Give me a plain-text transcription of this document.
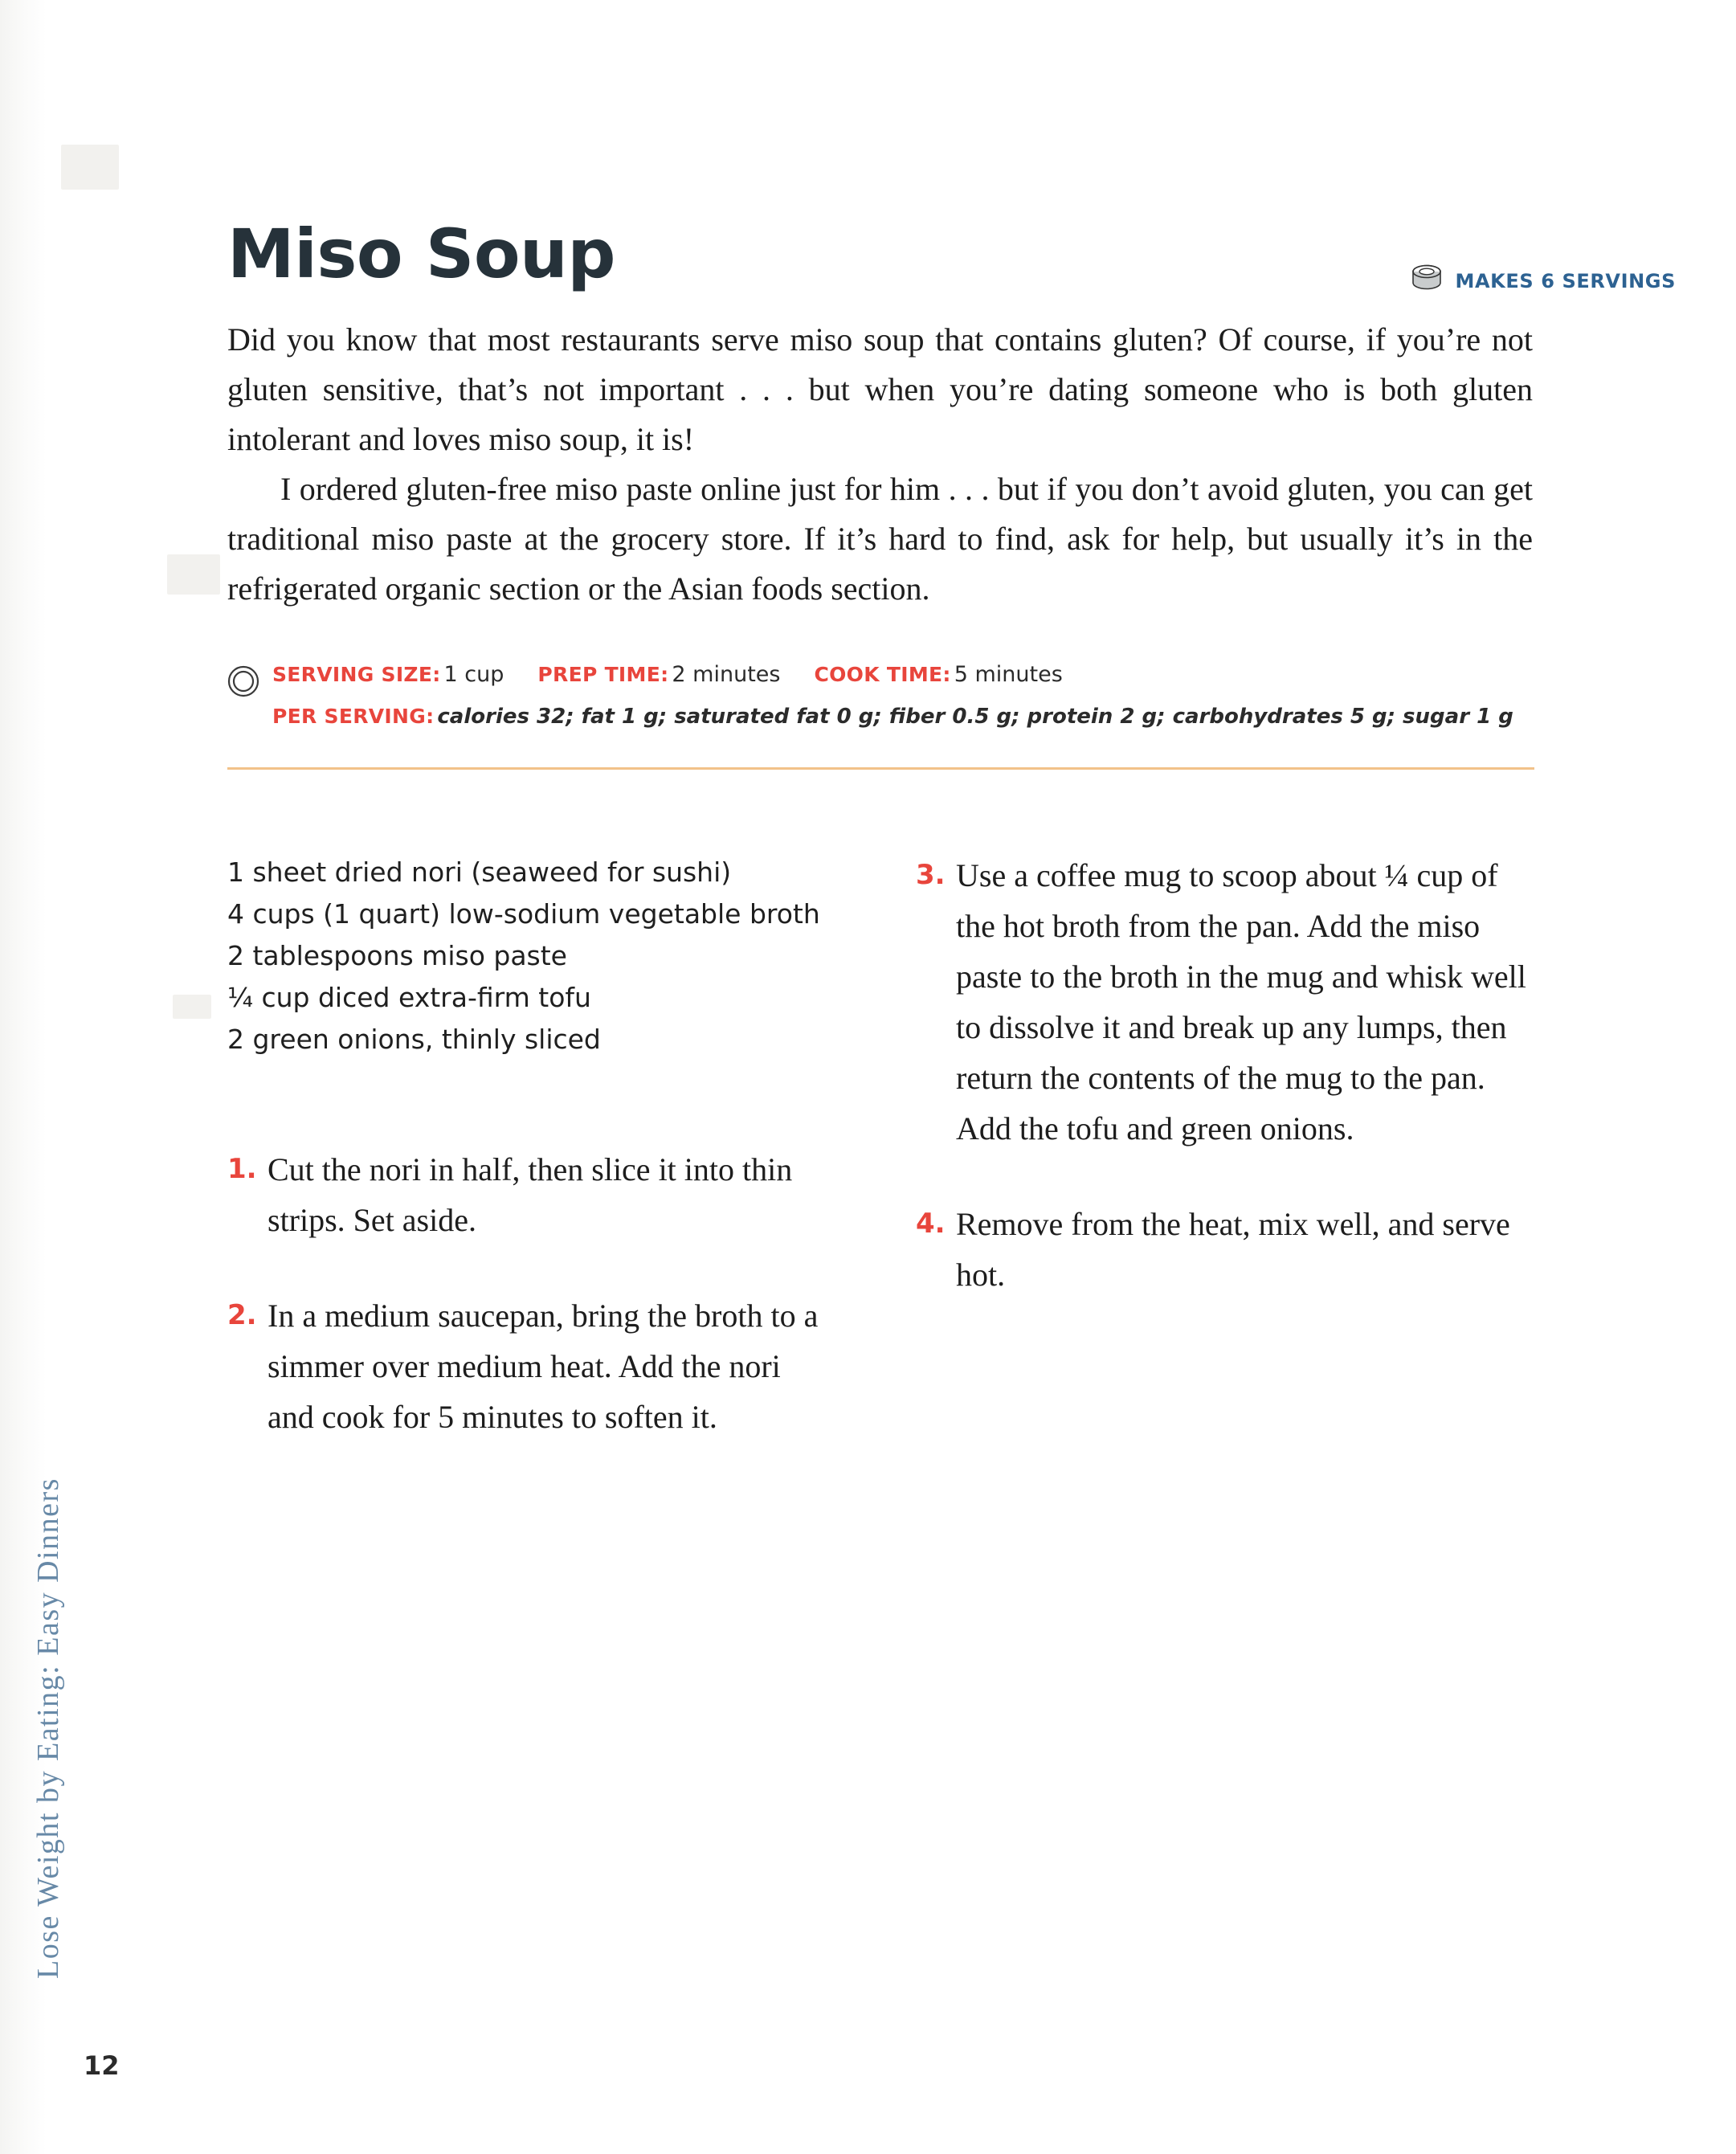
Miso Soup	MAKES 6 SERVINGS

Did you know that most restaurants serve miso soup that contains gluten? Of course, if you’re not gluten sensitive, that’s not important . . . but when you’re dating someone who is both gluten intolerant and loves miso soup, it is!

I ordered gluten-free miso paste online just for him . . . but if you don’t avoid gluten, you can get traditional miso paste at the grocery store. If it’s hard to find, ask for help, but usually it’s in the refrigerated organic section or the Asian foods section.

SERVING SIZE: 1 cup PREP TIME: 2 minutes COOK TIME: 5 minutes
PER SERVING: calories 32; fat 1 g; saturated fat 0 g; fiber 0.5 g; protein 2 g; carbohydrates 5 g; sugar 1 g
1 sheet dried nori (seaweed for sushi)
4 cups (1 quart) low-sodium vegetable broth
2 tablespoons miso paste
¼ cup diced extra-firm tofu
2 green onions, thinly sliced
1. Cut the nori in half, then slice it into thin strips. Set aside.
2. In a medium saucepan, bring the broth to a simmer over medium heat. Add the nori and cook for 5 minutes to soften it.
3. Use a coffee mug to scoop about ¼ cup of the hot broth from the pan. Add the miso paste to the broth in the mug and whisk well to dissolve it and break up any lumps, then return the contents of the mug to the pan. Add the tofu and green onions.
4. Remove from the heat, mix well, and serve hot.
Lose Weight by Eating: Easy Dinners
12
